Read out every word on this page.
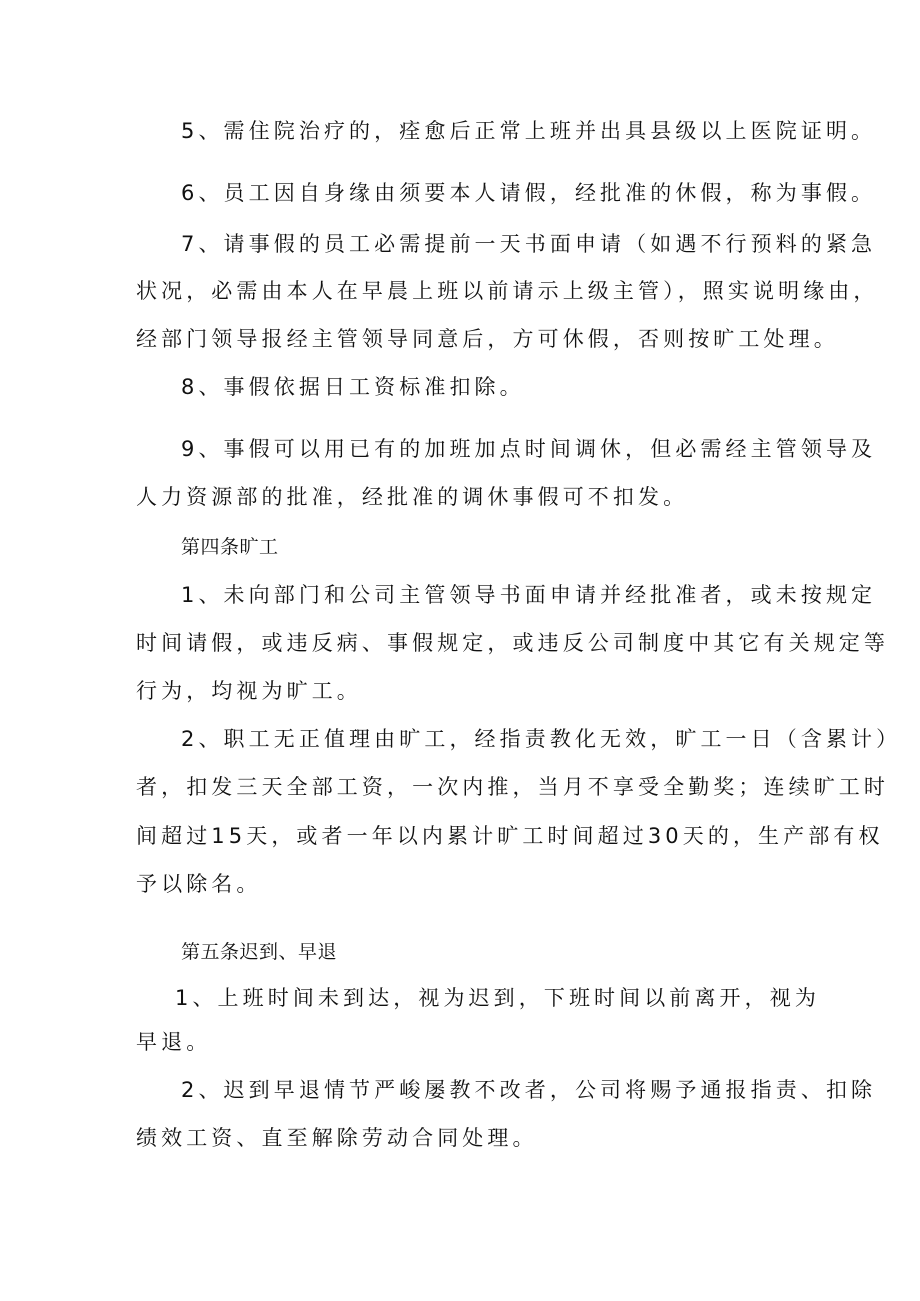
5、需住院治疗的，痊愈后正常上班并出具县级以上医院证明。
6、员工因自身缘由须要本人请假，经批准的休假，称为事假。
7、请事假的员工必需提前一天书面申请（如遇不行预料的紧急
状况，必需由本人在早晨上班以前请示上级主管），照实说明缘由，
经部门领导报经主管领导同意后，方可休假，否则按旷工处理。
8、事假依据日工资标准扣除。
9、事假可以用已有的加班加点时间调休，但必需经主管领导及
人力资源部的批准，经批准的调休事假可不扣发。
第四条旷工
1、未向部门和公司主管领导书面申请并经批准者，或未按规定
时间请假，或违反病、事假规定，或违反公司制度中其它有关规定等
行为，均视为旷工。
2、职工无正值理由旷工，经指责教化无效，旷工一日（含累计）
者，扣发三天全部工资，一次内推，当月不享受全勤奖；连续旷工时
间超过15天，或者一年以内累计旷工时间超过30天的，生产部有权
予以除名。
第五条迟到、早退
1、上班时间未到达，视为迟到，下班时间以前离开，视为
早退。
2、迟到早退情节严峻屡教不改者，公司将赐予通报指责、扣除
绩效工资、直至解除劳动合同处理。
